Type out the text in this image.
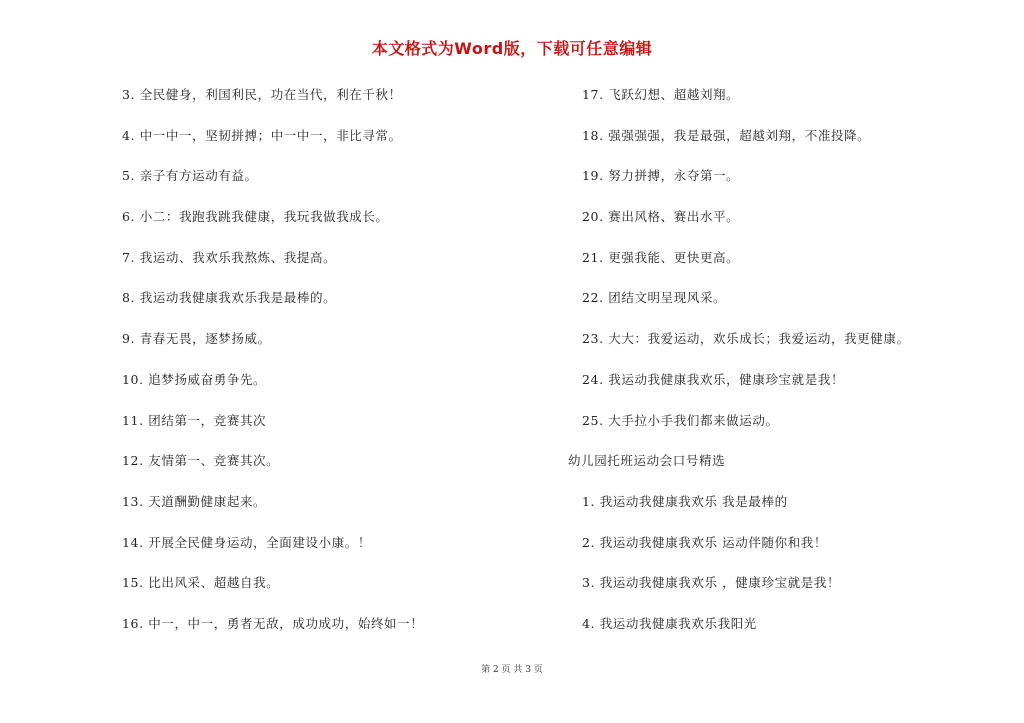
本文格式为Word版，下载可任意编辑
3. 全民健身，利国利民，功在当代，利在千秋！
4. 中一中一，坚韧拼搏；中一中一，非比寻常。
5. 亲子有方运动有益。
6. 小二：我跑我跳我健康，我玩我做我成长。
7. 我运动、我欢乐我熬炼、我提高。
8. 我运动我健康我欢乐我是最棒的。
9. 青春无畏，逐梦扬威。
10. 追梦扬威奋勇争先。
11. 团结第一，竞赛其次
12. 友情第一、竞赛其次。
13. 天道酬勤健康起来。
14. 开展全民健身运动，全面建设小康。！
15. 比出风采、超越自我。
16. 中一，中一，勇者无敌，成功成功，始终如一！
17. 飞跃幻想、超越刘翔。
18. 强强强强，我是最强，超越刘翔，不准投降。
19. 努力拼搏，永夺第一。
20. 赛出风格、赛出水平。
21. 更强我能、更快更高。
22. 团结文明呈现风采。
23. 大大：我爱运动，欢乐成长；我爱运动，我更健康。
24. 我运动我健康我欢乐，健康珍宝就是我！
25. 大手拉小手我们都来做运动。
幼儿园托班运动会口号精选
1. 我运动我健康我欢乐 我是最棒的
2. 我运动我健康我欢乐 运动伴随你和我！
3. 我运动我健康我欢乐 ，健康珍宝就是我！
4. 我运动我健康我欢乐我阳光
第 2 页 共 3 页
